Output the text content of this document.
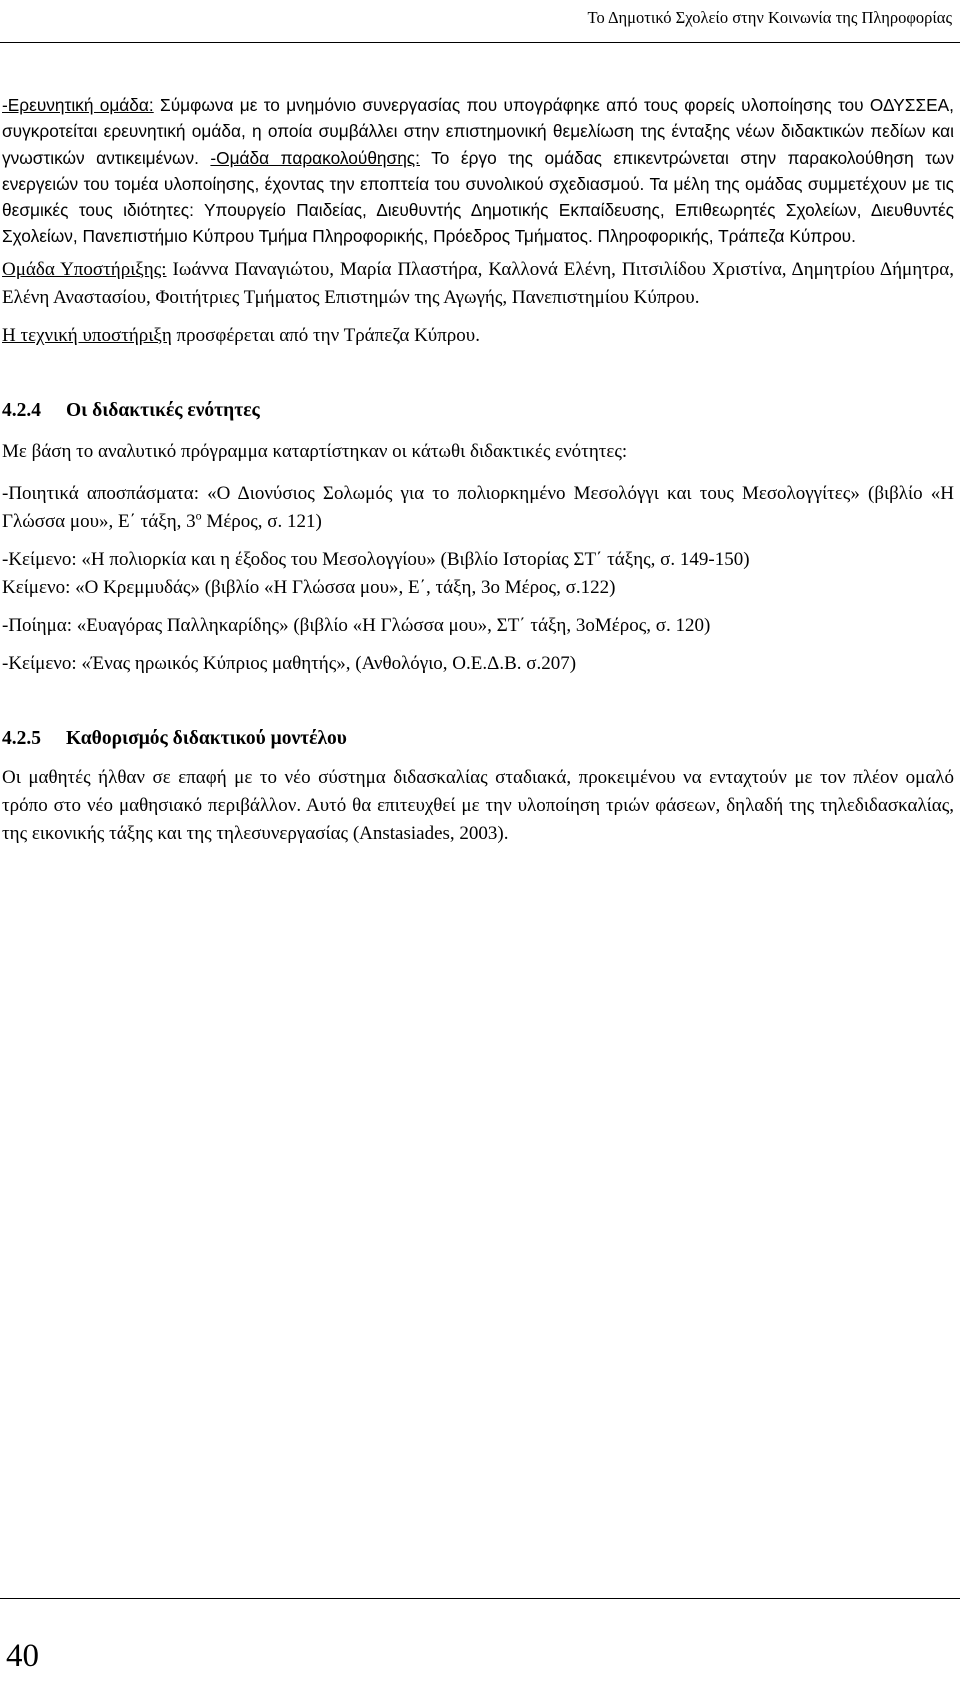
Το Δημοτικό Σχολείο στην Κοινωνία της Πληροφορίας

-Ερευνητική ομάδα: Σύμφωνα με το μνημόνιο συνεργασίας που υπογράφηκε από τους φορείς υλοποίησης του ΟΔΥΣΣΕΑ, συγκροτείται ερευνητική ομάδα, η οποία συμβάλλει στην επιστημονική θεμελίωση της ένταξης νέων διδακτικών πεδίων και γνωστικών αντικειμένων. -Ομάδα παρακολούθησης: Το έργο της ομάδας επικεντρώνεται στην παρακολούθηση των ενεργειών του τομέα υλοποίησης, έχοντας την εποπτεία του συνολικού σχεδιασμού. Τα μέλη της ομάδας συμμετέχουν με τις θεσμικές τους ιδιότητες: Υπουργείο Παιδείας, Διευθυντής Δημοτικής Εκπαίδευσης, Επιθεωρητές Σχολείων, Διευθυντές Σχολείων, Πανεπιστήμιο Κύπρου Τμήμα Πληροφορικής, Πρόεδρος Τμήματος. Πληροφορικής, Τράπεζα Κύπρου.

Ομάδα Υποστήριξης: Ιωάννα Παναγιώτου, Μαρία Πλαστήρα, Καλλονά Ελένη, Πιτσιλίδου Χριστίνα, Δημητρίου Δήμητρα, Ελένη Αναστασίου, Φοιτήτριες Τμήματος Επιστημών της Αγωγής, Πανεπιστημίου Κύπρου.

Η τεχνική υποστήριξη προσφέρεται από την Τράπεζα Κύπρου.

4.2.4 Οι διδακτικές ενότητες

Με βάση το αναλυτικό πρόγραμμα καταρτίστηκαν οι κάτωθι διδακτικές ενότητες:

-Ποιητικά αποσπάσματα: «Ο Διονύσιος Σολωμός για το πολιορκημένο Μεσολόγγι και τους Μεσολογγίτες» (βιβλίο «Η Γλώσσα μου», Ε΄ τάξη, $3^o$ Μέρος, σ. 121)

-Κείμενο: «Η πολιορκία και η έξοδος του Μεσολογγίου» (Βιβλίο Ιστορίας ΣΤ΄ τάξης, σ. 149-150)
Κείμενο: «Ο Κρεμμυδάς» (βιβλίο «Η Γλώσσα μου», Ε΄, τάξη, 3ο Μέρος, σ.122)

-Ποίημα: «Ευαγόρας Παλληκαρίδης» (βιβλίο «Η Γλώσσα μου», ΣΤ΄ τάξη, 3οΜέρος, σ. 120)

-Κείμενο: «Ένας ηρωικός Κύπριος μαθητής», (Ανθολόγιο, Ο.Ε.Δ.Β. σ.207)

4.2.5 Καθορισμός διδακτικού μοντέλου

Οι μαθητές ήλθαν σε επαφή με το νέο σύστημα διδασκαλίας σταδιακά, προκειμένου να ενταχτούν με τον πλέον ομαλό τρόπο στο νέο μαθησιακό περιβάλλον. Αυτό θα επιτευχθεί με την υλοποίηση τριών φάσεων, δηλαδή της τηλεδιδασκαλίας, της εικονικής τάξης και της τηλεσυνεργασίας (Anstasiades, 2003).

40
